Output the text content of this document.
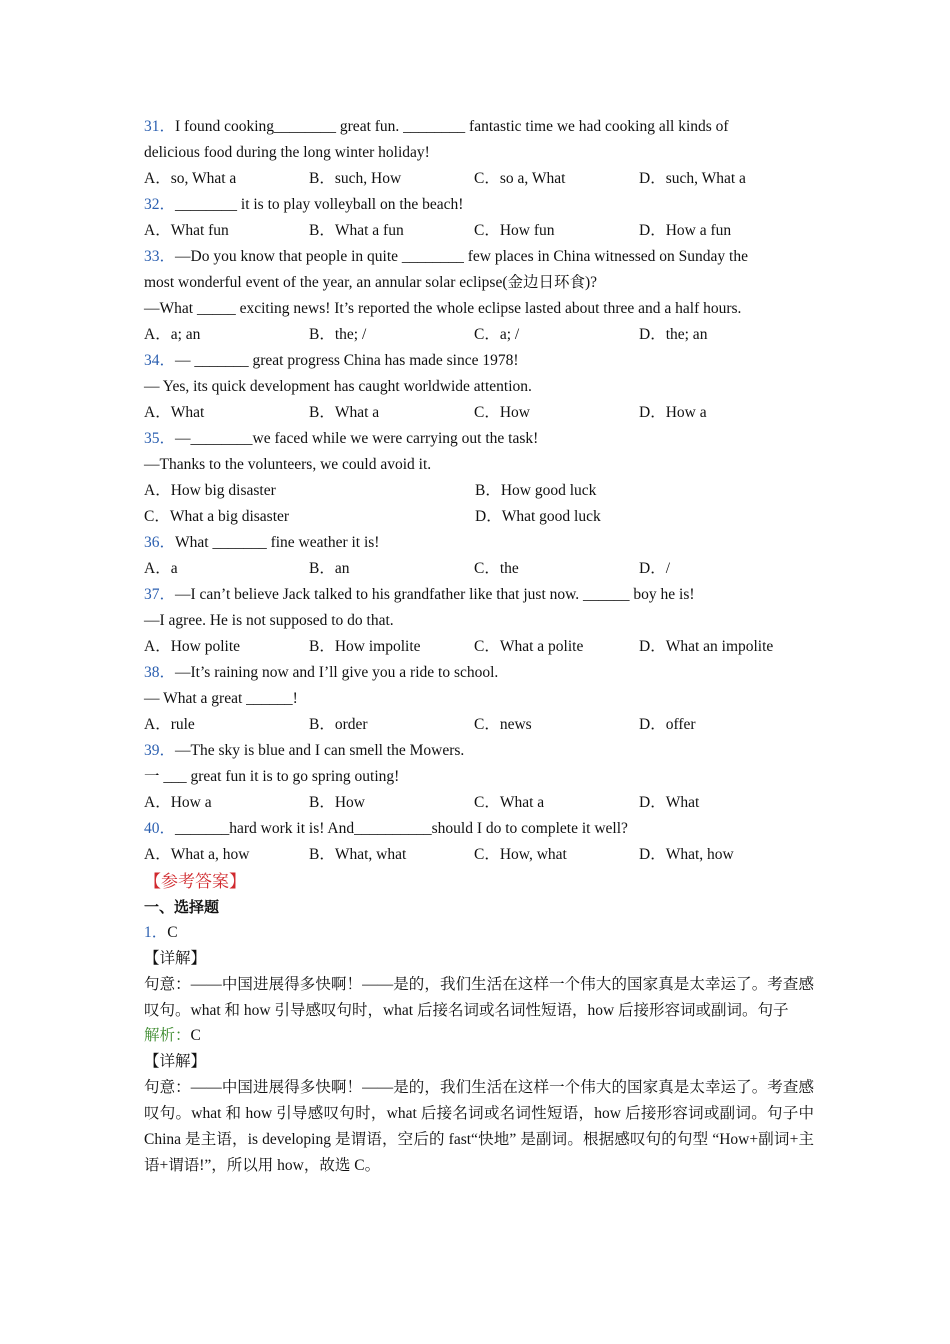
31．I found cooking________ great fun. ________ fantastic time we had cooking all kinds of
delicious food during the long winter holiday!
A．so, What a	B．such, How	C．so a, What	D．such, What a
32．________ it is to play volleyball on the beach!
A．What fun	B．What a fun	C．How fun	D．How a fun
33．—Do you know that people in quite ________ few places in China witnessed on Sunday the
most wonderful event of the year, an annular solar eclipse(金边日环食)?
—What _____ exciting news! It’s reported the whole eclipse lasted about three and a half hours.
A．a; an	B．the; /	C．a; /	D．the; an
34．— _______ great progress China has made since 1978!
— Yes, its quick development has caught worldwide attention.
A．What	B．What a	C．How	D．How a
35．—________we faced while we were carrying out the task!
—Thanks to the volunteers, we could avoid it.
A．How big disaster	B．How good luck
C．What a big disaster	D．What good luck
36．What _______ fine weather it is!
A．a	B．an	C．the	D．/
37．—I can’t believe Jack talked to his grandfather like that just now. ______ boy he is!
—I agree. He is not supposed to do that.
A．How polite	B．How impolite	C．What a polite	D．What an impolite
38．—It’s raining now and I’ll give you a ride to school.
— What a great ______!
A．rule	B．order	C．news	D．offer
39．—The sky is blue and I can smell the Mowers.
一 ___ great fun it is to go spring outing!
A．How a	B．How	C．What a	D．What
40．_______hard work it is! And__________should I do to complete it well?
A．What a, how	B．What, what	C．How, what	D．What, how
【参考答案】
一、选择题
1．C
【详解】
句意：——中国进展得多快啊！——是的，我们生活在这样一个伟大的国家真是太幸运了。考查感叹句。what 和 how 引导感叹句时，what 后接名词或名词性短语，how 后接形容词或副词。句子
解析：C
【详解】
句意：——中国进展得多快啊！——是的，我们生活在这样一个伟大的国家真是太幸运了。考查感叹句。what 和 how 引导感叹句时，what 后接名词或名词性短语，how 后接形容词或副词。句子中 China 是主语，is developing 是谓语，空后的 fast“快地” 是副词。根据感叹句的句型 “How+副词+主语+谓语!”，所以用 how，故选 C。
